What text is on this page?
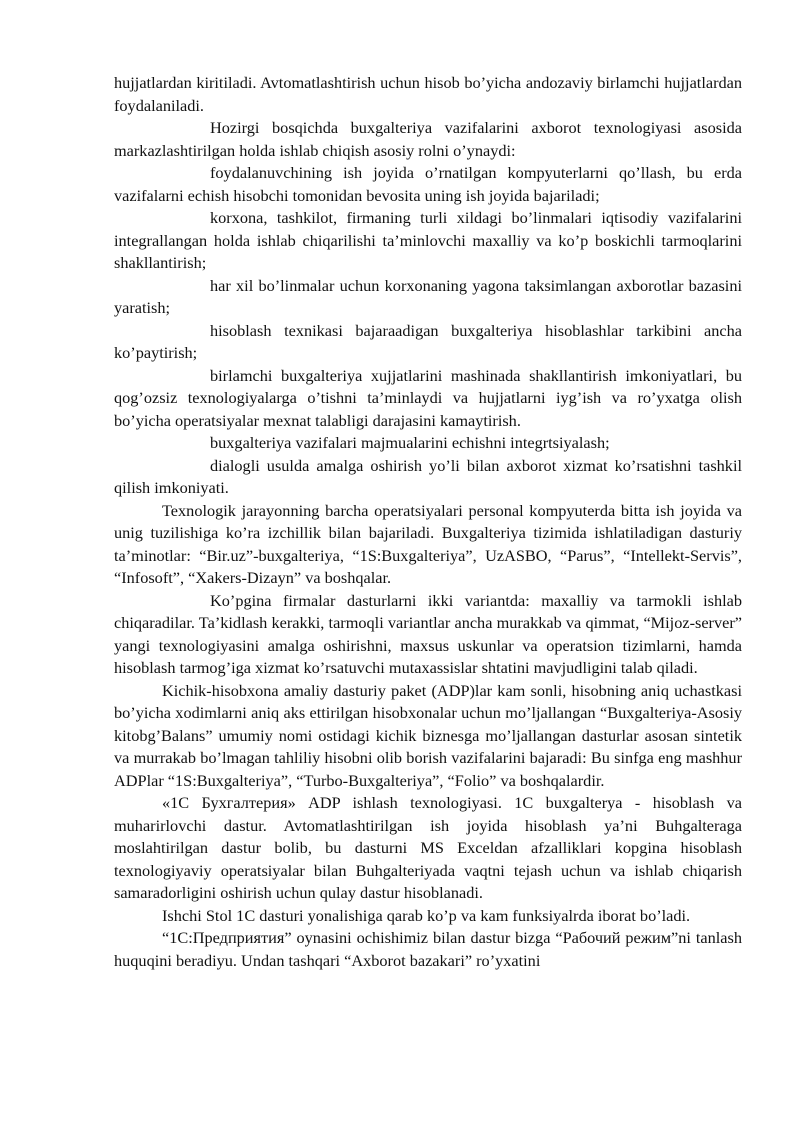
hujjatlardan kiritiladi. Avtomatlashtirish uchun hisob bo’yicha andozaviy birlamchi hujjatlardan foydalaniladi.

Hozirgi bosqichda buxgalteriya vazifalarini axborot texnologiyasi asosida markazlashtirilgan holda ishlab chiqish asosiy rolni o’ynaydi:

foydalanuvchining ish joyida o’rnatilgan kompyuterlarni qo’llash, bu erda vazifalarni echish hisobchi tomonidan bevosita uning ish joyida bajariladi;

korxona, tashkilot, firmaning turli xildagi bo’linmalari iqtisodiy vazifalarini integrallangan holda ishlab chiqarilishi ta’minlovchi maxalliy va ko’p boskichli tarmoqlarini shakllantirish;

har xil bo’linmalar uchun korxonaning yagona taksimlangan axborotlar bazasini yaratish;

hisoblash texnikasi bajaraadigan buxgalteriya hisoblashlar tarkibini ancha ko’paytirish;

birlamchi buxgalteriya xujjatlarini mashinada shakllantirish imkoniyatlari, bu qog’ozsiz texnologiyalarga o’tishni ta’minlaydi va hujjatlarni iyg’ish va ro’yxatga olish bo’yicha operatsiyalar mexnat talabligi darajasini kamaytirish.

buxgalteriya vazifalari majmualarini echishni integrtsiyalash;

dialogli usulda amalga oshirish yo’li bilan axborot xizmat ko’rsatishni tashkil qilish imkoniyati.

Texnologik jarayonning barcha operatsiyalari personal kompyuterda bitta ish joyida va unig tuzilishiga ko’ra izchillik bilan bajariladi. Buxgalteriya tizimida ishlatiladigan dasturiy ta’minotlar: “Bir.uz”-buxgalteriya, “1S:Buxgalteriya”, UzASBO, “Parus”, “Intellekt-Servis”, “Infosoft”, “Xakers-Dizayn” va boshqalar.

Ko’pgina firmalar dasturlarni ikki variantda: maxalliy va tarmokli ishlab chiqaradilar. Ta’kidlash kerakki, tarmoqli variantlar ancha murakkab va qimmat, “Mijoz-server” yangi texnologiyasini amalga oshirishni, maxsus uskunlar va operatsion tizimlarni, hamda hisoblash tarmog’iga xizmat ko’rsatuvchi mutaxassislar shtatini mavjudligini talab qiladi.

Kichik-hisobxona amaliy dasturiy paket (ADP)lar kam sonli, hisobning aniq uchastkasi bo’yicha xodimlarni aniq aks ettirilgan hisobxonalar uchun mo’ljallangan “Buxgalteriya-Asosiy kitobg’Balans” umumiy nomi ostidagi kichik biznesga mo’ljallangan dasturlar asosan sintetik va murrakab bo’lmagan tahliliy hisobni olib borish vazifalarini bajaradi: Bu sinfga eng mashhur ADPlar “1S:Buxgalteriya”, “Turbo-Buxgalteriya”, “Folio” va boshqalardir.

«1C Бухгалтерия» ADP ishlash texnologiyasi. 1C buxgalterya - hisoblash va muharirlovchi dastur. Avtomatlashtirilgan ish joyida hisoblash ya’ni Buhgalteraga moslahtirilgan dastur bolib, bu dasturni MS Exceldan afzalliklari kopgina hisoblash texnologiyaviy operatsiyalar bilan Buhgalteriyada vaqtni tejash uchun va ishlab chiqarish samaradorligini oshirish uchun qulay dastur hisoblanadi.

Ishchi Stol 1C dasturi yonalishiga qarab ko’p va kam funksiyalrda iborat bo’ladi.

“1C:Предприятия” oynasini ochishimiz bilan dastur bizga “Рабочий режим”ni tanlash huquqini beradiyu. Undan tashqari “Axborot bazakari” ro’yxatini
